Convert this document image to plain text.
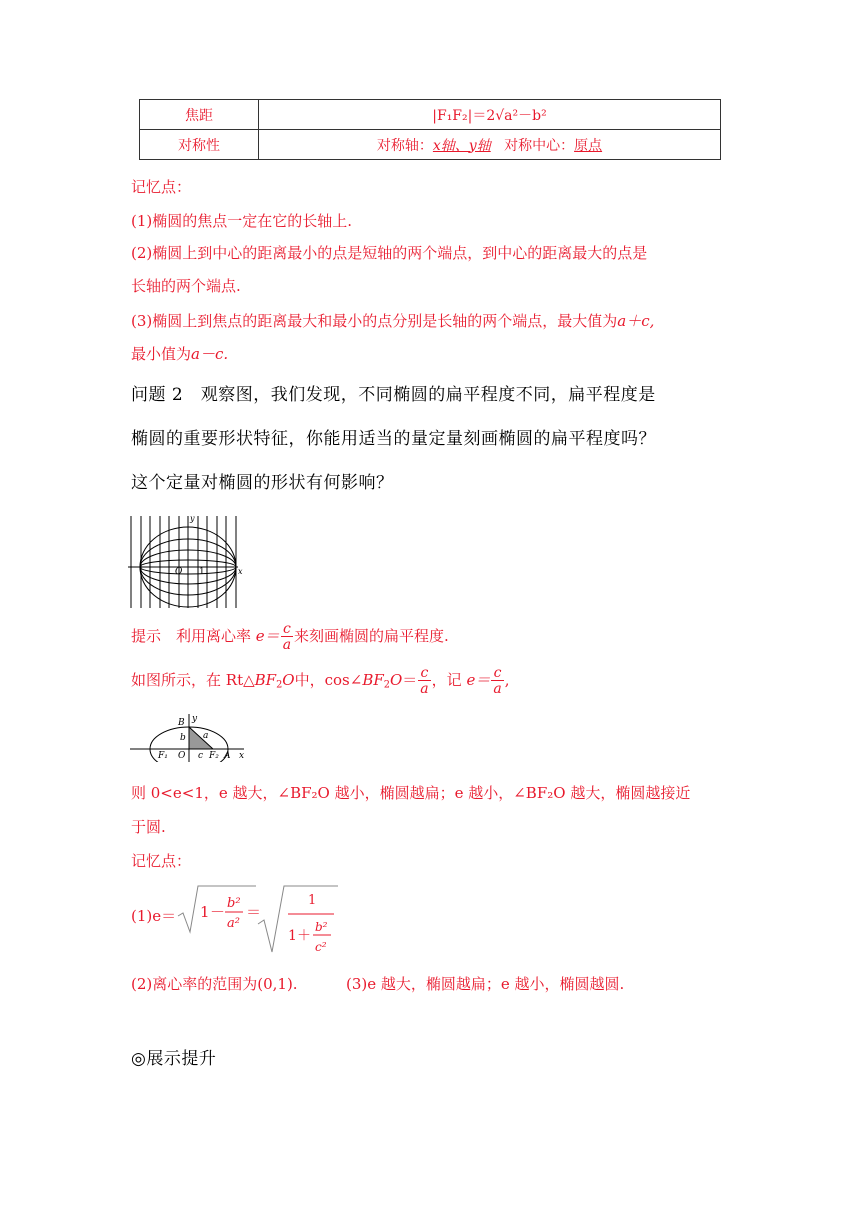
焦距	|F₁F₂|＝2√a²－b²
对称性	对称轴：x轴、y轴 对称中心：原点
记忆点：
(1)椭圆的焦点一定在它的长轴上.
(2)椭圆上到中心的距离最小的点是短轴的两个端点，到中心的距离最大的点是
长轴的两个端点.
(3)椭圆上到焦点的距离最大和最小的点分别是长轴的两个端点，最大值为a＋c,
最小值为a－c.
问题 2　观察图，我们发现，不同椭圆的扁平程度不同，扁平程度是
椭圆的重要形状特征，你能用适当的量定量刻画椭圆的扁平程度吗？
这个定量对椭圆的形状有何影响？
y
x
O 1
提示　利用离心率 $e= \frac{c}{a}$ 来刻画椭圆的扁平程度.
如图所示，在 $Rt\triangle BF_2O$中，$\cos\angle BF_2O= \frac{c}{a}$ ，记 $e= \frac{c}{a}$ ,
B y
b a
F₁ O c F₂ A x
则 0<e<1，e 越大，∠BF₂O 越小，椭圆越扁；e 越小，∠BF₂O 越大，椭圆越接近
于圆.
记忆点：
(1)e＝ 1 － b²
a²
＝
1
1 ＋
b²
c²
(2)离心率的范围为(0,1).	(3)e 越大，椭圆越扁；e 越小，椭圆越圆.
◎展示提升
